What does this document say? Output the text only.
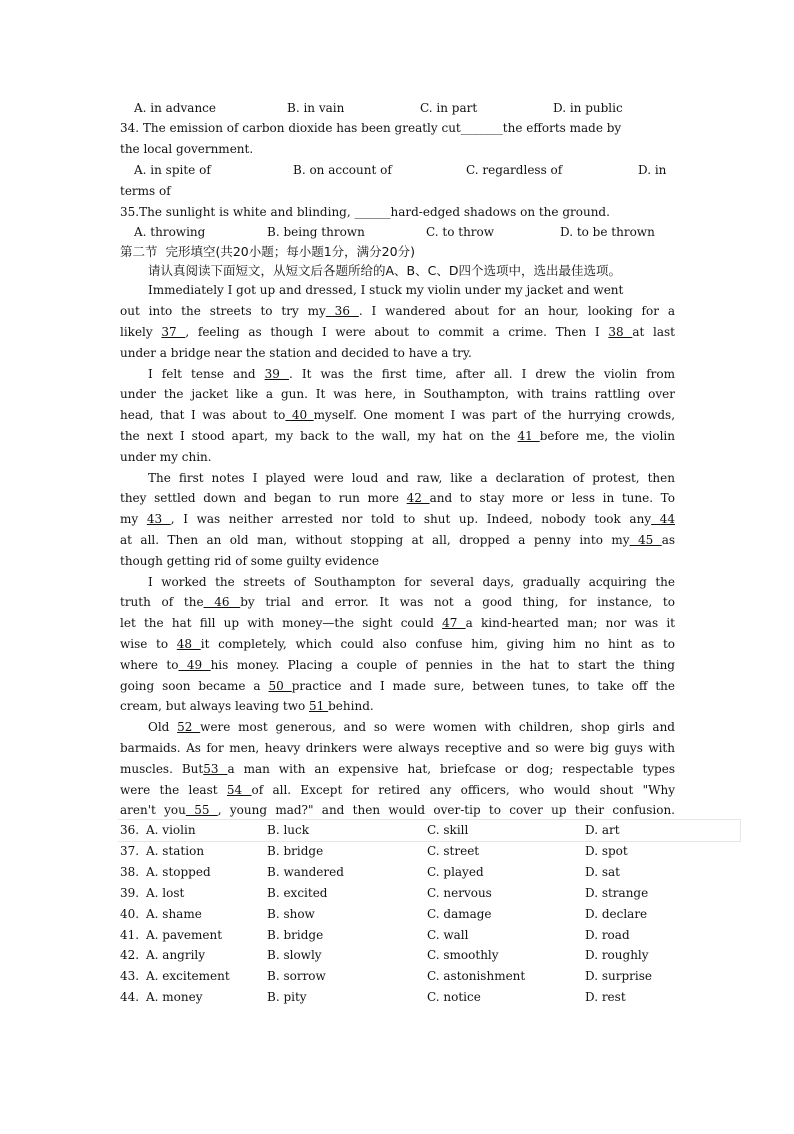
A. in advance

	B. in vain

	C. in part

	D. in public

34. The emission of carbon dioxide has been greatly cut_______the efforts made by
the local government.

A. in spite of

	B. on account of

	C. regardless of

	D. in

terms of
35.The sunlight is white and blinding, ______hard-edged shadows on the ground.

A. throwing

	B. being thrown

	C. to throw

	D. to be thrown

第二节  完形填空(共20小题；每小题1分，满分20分)
请认真阅读下面短文，从短文后各题所给的A、B、C、D四个选项中，选出最佳选项。
Immediately I got up and dressed, I stuck my violin under my jacket and went
out into the streets to try my 36 . I wandered about for an hour, looking for a
likely 37 , feeling as though I were about to commit a crime. Then I 38 at last
under a bridge near the station and decided to have a try.
I felt tense and 39 . It was the first time, after all. I drew the violin from
under the jacket like a gun. It was here, in Southampton, with trains rattling over
head, that I was about to 40 myself. One moment I was part of the hurrying crowds,
the next I stood apart, my back to the wall, my hat on the 41 before me, the violin
under my chin.
The first notes I played were loud and raw, like a declaration of protest, then
they settled down and began to run more 42 and to stay more or less in tune. To
my 43 , I was neither arrested nor told to shut up. Indeed, nobody took any 44
at all. Then an old man, without stopping at all, dropped a penny into my 45 as
though getting rid of some guilty evidence
I worked the streets of Southampton for several days, gradually acquiring the
truth of the 46 by trial and error. It was not a good thing, for instance, to
let the hat fill up with money—the sight could 47 a kind-hearted man; nor was it
wise to 48 it completely, which could also confuse him, giving him no hint as to
where to 49 his money. Placing a couple of pennies in the hat to start the thing
going soon became a 50 practice and I made sure, between tunes, to take off the
cream, but always leaving two 51 behind.
Old 52 were most generous, and so were women with children, shop girls and
barmaids. As for men, heavy drinkers were always receptive and so were big guys with
muscles. But53 a man with an expensive hat, briefcase or dog; respectable types
were the least 54 of all. Except for retired any officers, who would shout "Why
aren't you 55 , young mad?" and then would over-tip to cover up their confusion.

36.

A. violin

	B. luck

	C. skill

	D. art

37.

A. station

	B. bridge

	C. street

	D. spot

38.

A. stopped

	B. wandered

	C. played

	D. sat

39.

A. lost

	B. excited

	C. nervous

	D. strange

40.

A. shame

	B. show

	C. damage

	D. declare

41.

A. pavement

	B. bridge

	C. wall

	D. road

42.

A. angrily

	B. slowly

	C. smoothly

	D. roughly

43.

A. excitement

	B. sorrow

	C. astonishment

	D. surprise

44.

A. money

	B. pity

	C. notice

	D. rest
